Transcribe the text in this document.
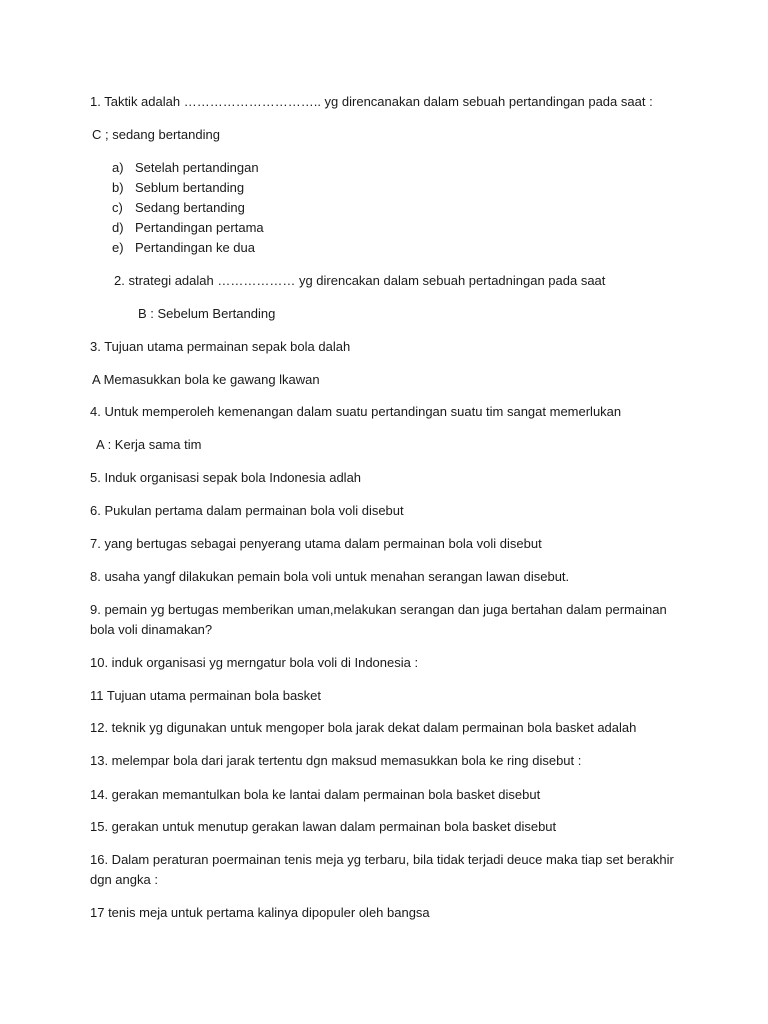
1. Taktik adalah ………………………….. yg direncanakan dalam sebuah pertandingan pada saat :
C ; sedang bertanding
a) Setelah pertandingan
b) Seblum bertanding
c) Sedang bertanding
d) Pertandingan pertama
e) Pertandingan ke dua
2. strategi adalah ……………… yg direncakan dalam sebuah pertadningan pada saat
B : Sebelum Bertanding
3. Tujuan utama permainan sepak bola dalah
A Memasukkan bola ke gawang lkawan
4. Untuk memperoleh kemenangan dalam suatu pertandingan suatu tim sangat memerlukan
A : Kerja sama tim
5. Induk organisasi sepak bola Indonesia adlah
6. Pukulan pertama dalam permainan bola voli disebut
7. yang bertugas sebagai penyerang utama dalam permainan bola voli disebut
8. usaha yangf dilakukan pemain bola voli untuk menahan serangan lawan disebut.
9. pemain yg bertugas memberikan uman,melakukan serangan dan juga bertahan dalam permainan
bola voli dinamakan?
10. induk organisasi yg merngatur bola voli di Indonesia :
11 Tujuan utama permainan bola basket
12. teknik yg digunakan untuk mengoper bola jarak dekat dalam permainan bola basket adalah
13. melempar bola dari jarak tertentu dgn maksud memasukkan bola ke ring disebut :
14. gerakan memantulkan bola ke lantai dalam permainan bola basket disebut
15. gerakan untuk menutup gerakan lawan dalam permainan bola basket disebut
16. Dalam peraturan poermainan tenis meja yg terbaru, bila tidak terjadi deuce maka tiap set berakhir
dgn angka :
17 tenis meja untuk pertama kalinya dipopuler oleh bangsa
